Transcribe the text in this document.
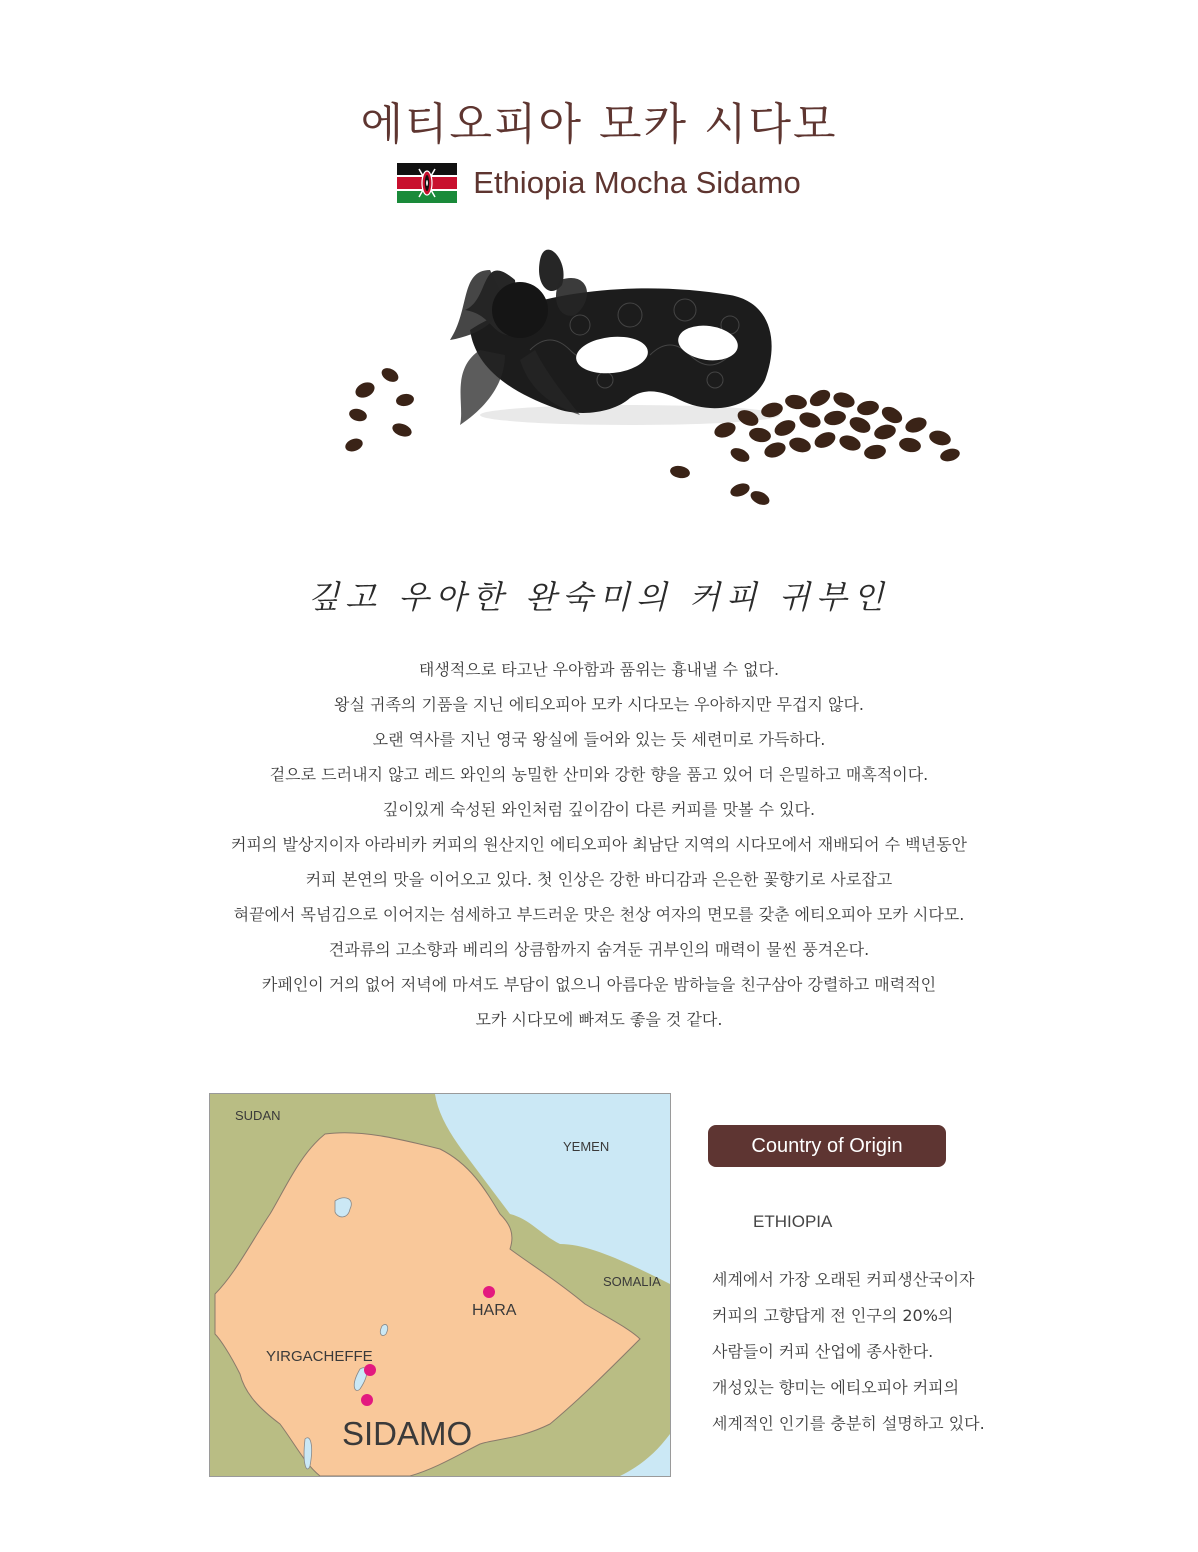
에티오피아 모카 시다모
Ethiopia Mocha Sidamo
깊고 우아한 완숙미의 커피 귀부인

태생적으로 타고난 우아함과 품위는 흉내낼 수 없다.

왕실 귀족의 기품을 지닌 에티오피아 모카 시다모는 우아하지만 무겁지 않다.

오랜 역사를 지닌 영국 왕실에 들어와 있는 듯 세련미로 가득하다.

겉으로 드러내지 않고 레드 와인의 농밀한 산미와 강한 향을 품고 있어 더 은밀하고 매혹적이다.

깊이있게 숙성된 와인처럼 깊이감이 다른 커피를 맛볼 수 있다.

커피의 발상지이자 아라비카 커피의 원산지인 에티오피아 최남단 지역의 시다모에서 재배되어 수 백년동안

커피 본연의 맛을 이어오고 있다. 첫 인상은 강한 바디감과 은은한 꽃향기로 사로잡고

혀끝에서 목넘김으로 이어지는 섬세하고 부드러운 맛은 천상 여자의 면모를 갖춘 에티오피아 모카 시다모.

견과류의 고소향과 베리의 상큼함까지 숨겨둔 귀부인의 매력이 물씬 풍겨온다.

카페인이 거의 없어 저녁에 마셔도 부담이 없으니 아름다운 밤하늘을 친구삼아 강렬하고 매력적인

모카 시다모에 빠져도 좋을 것 같다.

SUDAN
YEMEN
SOMALIA
HARA
YIRGACHEFFE
SIDAMO
Country of Origin
ETHIOPIA

세계에서 가장 오래된 커피생산국이자

커피의 고향답게 전 인구의 20%의

사람들이 커피 산업에 종사한다.

개성있는 향미는 에티오피아 커피의

세계적인 인기를 충분히 설명하고 있다.
